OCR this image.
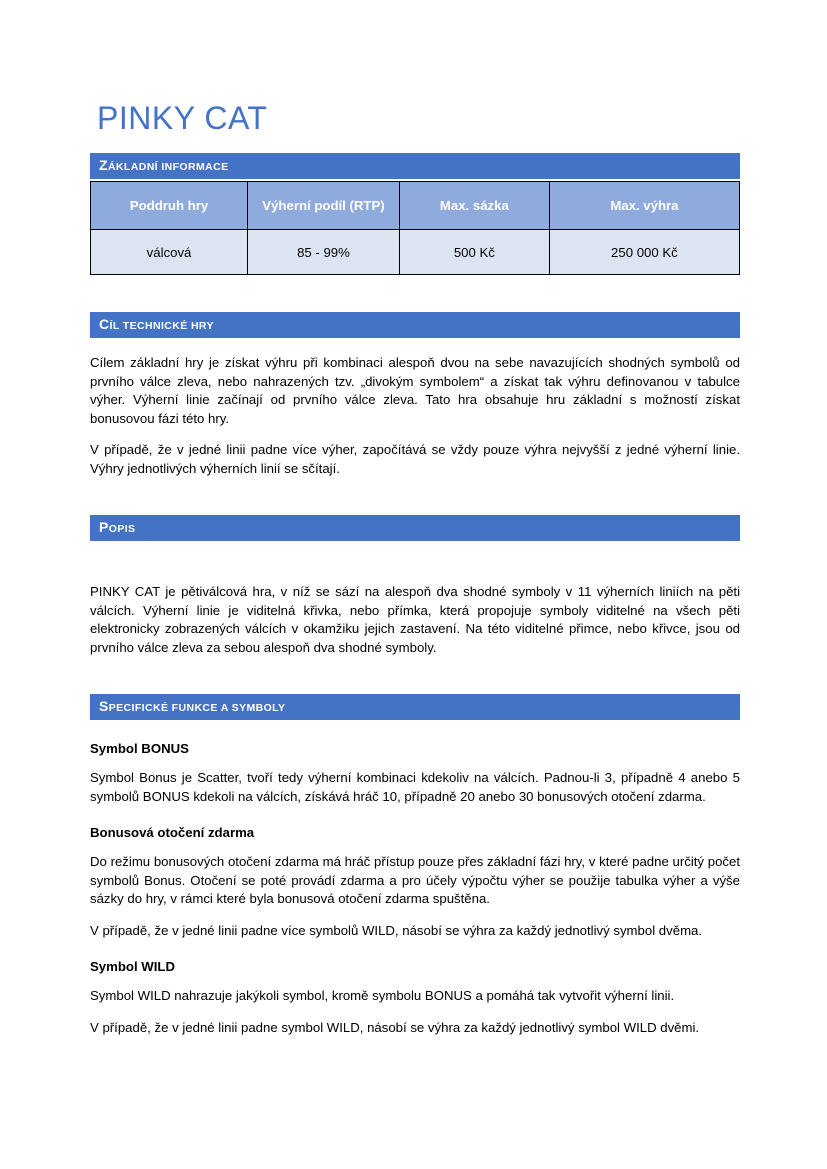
PINKY CAT
ZÁKLADNÍ INFORMACE
Poddruh hry	Výherní podíl (RTP)	Max. sázka	Max. výhra
válcová	85 - 99%	500 Kč	250 000 Kč
CÍL TECHNICKÉ HRY

Cílem základní hry je získat výhru při kombinaci alespoň dvou na sebe navazujících shodných symbolů od prvního válce zleva, nebo nahrazených tzv. „divokým symbolem“ a získat tak výhru definovanou v tabulce výher. Výherní linie začínají od prvního válce zleva. Tato hra obsahuje hru základní s možností získat bonusovou fázi této hry.

V případě, že v jedné linii padne více výher, započítává se vždy pouze výhra nejvyšší z jedné výherní linie. Výhry jednotlivých výherních linií se sčítají.

POPIS

PINKY CAT je pětiválcová hra, v níž se sází na alespoň dva shodné symboly v 11 výherních liniích na pěti válcích. Výherní linie je viditelná křivka, nebo přímka, která propojuje symboly viditelné na všech pěti elektronicky zobrazených válcích v okamžiku jejich zastavení. Na této viditelné přimce, nebo křivce, jsou od prvního válce zleva za sebou alespoň dva shodné symboly.

SPECIFICKÉ FUNKCE A SYMBOLY
Symbol BONUS

Symbol Bonus je Scatter, tvoří tedy výherní kombinaci kdekoliv na válcích. Padnou-li 3, případně 4 anebo 5 symbolů BONUS kdekoli na válcích, získává hráč 10, případně 20 anebo 30 bonusových otočení zdarma.

Bonusová otočení zdarma

Do režimu bonusových otočení zdarma má hráč přístup pouze přes základní fázi hry, v které padne určitý počet symbolů Bonus. Otočení se poté provádí zdarma a pro účely výpočtu výher se použije tabulka výher a výše sázky do hry, v rámci které byla bonusová otočení zdarma spuštěna.

V případě, že v jedné linii padne více symbolů WILD, násobí se výhra za každý jednotlivý symbol dvěma.

Symbol WILD

Symbol WILD nahrazuje jakýkoli symbol, kromě symbolu BONUS a pomáhá tak vytvořit výherní linii.

V případě, že v jedné linii padne symbol WILD, násobí se výhra za každý jednotlivý symbol WILD dvěmi.
